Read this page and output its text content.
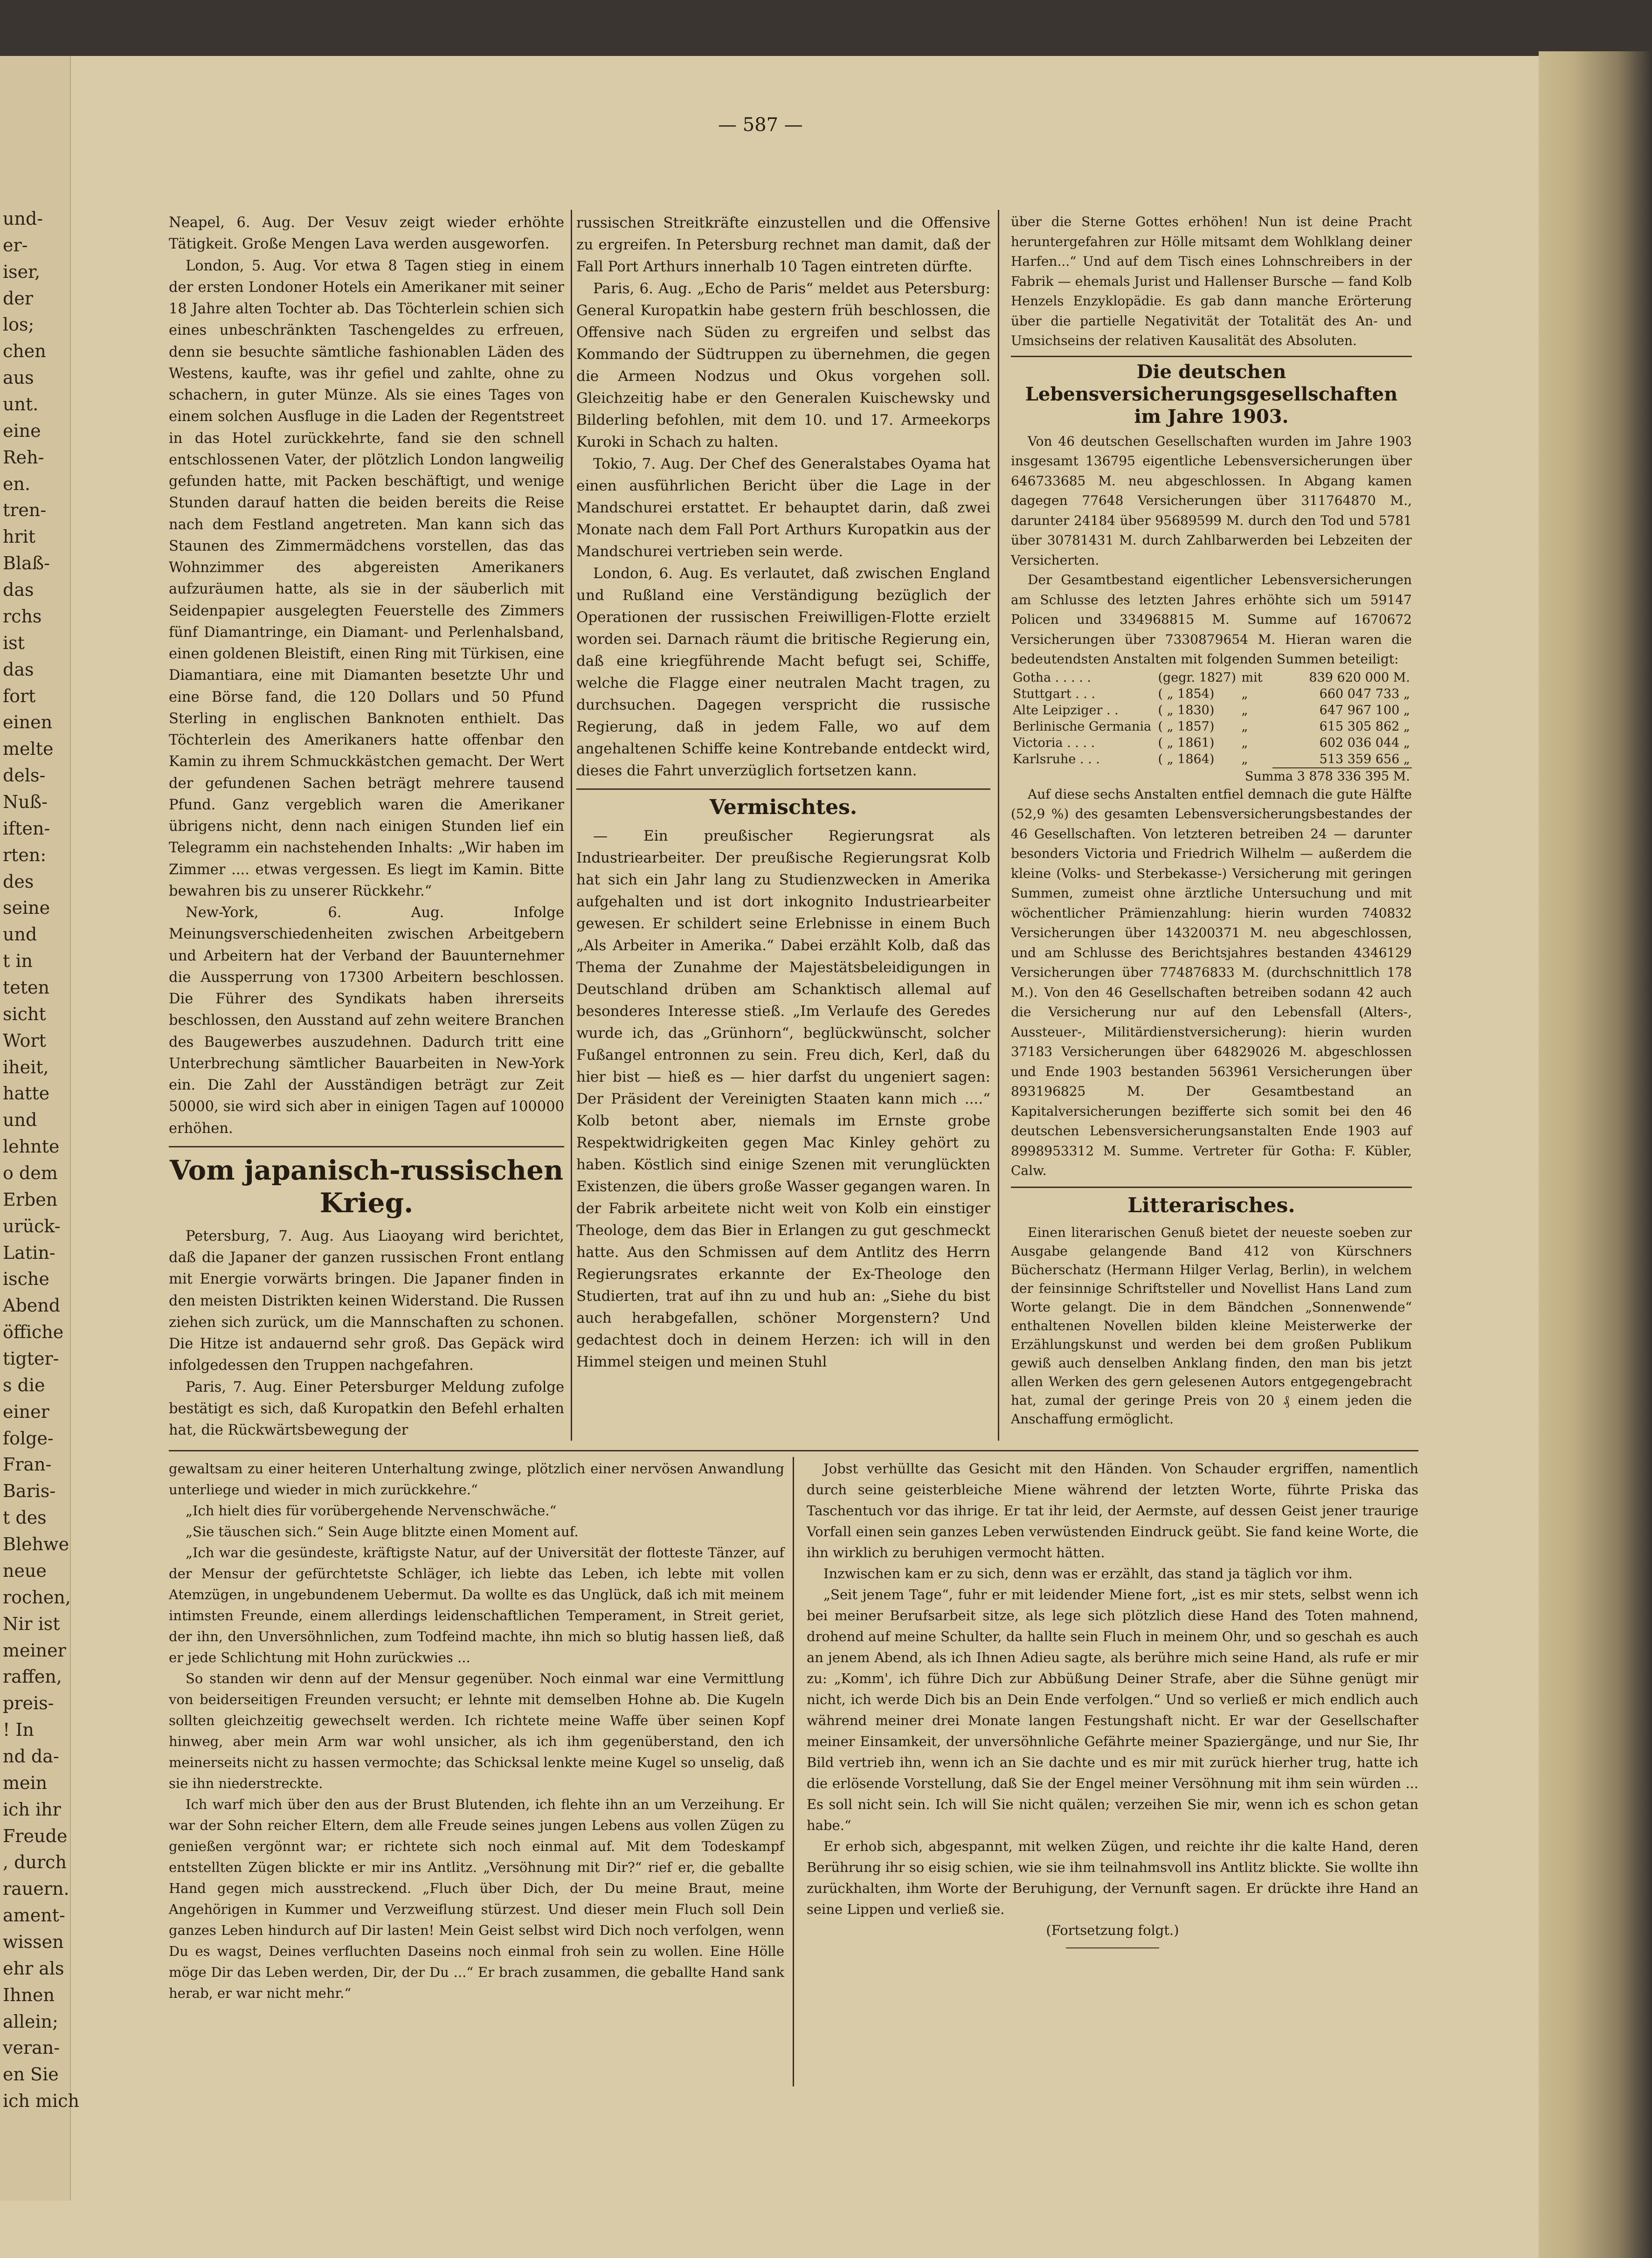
und-
er-
iser,
der
los;
chen
aus
unt.
eine
Reh-
en.
tren-
hrit
Blaß-
das
rchs
ist
das
fort
einen
melte
dels-
Nuß-
iften-
rten:
des
seine
und
t in
teten
sicht
Wort
iheit,
hatte
und
lehnte
o dem
Erben
urück-
Latin-
ische
Abend
öffiche
tigter-
s die
einer
folge-
Fran-
Baris-
t des
Blehwe
neue
rochen,
Nir ist
meiner
raffen,
preis-
! In
nd da-
mein
ich ihr
Freude
, durch
rauern.
ament-
wissen
ehr als
Ihnen
allein;
veran-
en Sie
ich mich
— 587 —

Neapel, 6. Aug. Der Vesuv zeigt wieder erhöhte Tätigkeit. Große Mengen Lava werden ausgeworfen.

London, 5. Aug. Vor etwa 8 Tagen stieg in einem der ersten Londoner Hotels ein Amerikaner mit seiner 18 Jahre alten Tochter ab. Das Töchterlein schien sich eines unbeschränkten Taschengeldes zu erfreuen, denn sie besuchte sämtliche fashionablen Läden des Westens, kaufte, was ihr gefiel und zahlte, ohne zu schachern, in guter Münze. Als sie eines Tages von einem solchen Ausfluge in die Laden der Regentstreet in das Hotel zurückkehrte, fand sie den schnell entschlossenen Vater, der plötzlich London langweilig gefunden hatte, mit Packen beschäftigt, und wenige Stunden darauf hatten die beiden bereits die Reise nach dem Festland angetreten. Man kann sich das Staunen des Zimmermädchens vorstellen, das das Wohnzimmer des abgereisten Amerikaners aufzuräumen hatte, als sie in der säuberlich mit Seidenpapier ausgelegten Feuerstelle des Zimmers fünf Diamantringe, ein Diamant- und Perlenhalsband, einen goldenen Bleistift, einen Ring mit Türkisen, eine Diamantiara, eine mit Diamanten besetzte Uhr und eine Börse fand, die 120 Dollars und 50 Pfund Sterling in englischen Banknoten enthielt. Das Töchterlein des Amerikaners hatte offenbar den Kamin zu ihrem Schmuckkästchen gemacht. Der Wert der gefundenen Sachen beträgt mehrere tausend Pfund. Ganz vergeblich waren die Amerikaner übrigens nicht, denn nach einigen Stunden lief ein Telegramm ein nachstehenden Inhalts: „Wir haben im Zimmer .... etwas vergessen. Es liegt im Kamin. Bitte bewahren bis zu unserer Rückkehr.“

New-York, 6. Aug. Infolge Meinungsverschiedenheiten zwischen Arbeitgebern und Arbeitern hat der Verband der Bauunternehmer die Aussperrung von 17300 Arbeitern beschlossen. Die Führer des Syndikats haben ihrerseits beschlossen, den Ausstand auf zehn weitere Branchen des Baugewerbes auszudehnen. Dadurch tritt eine Unterbrechung sämtlicher Bauarbeiten in New-York ein. Die Zahl der Ausständigen beträgt zur Zeit 50000, sie wird sich aber in einigen Tagen auf 100000 erhöhen.

Vom japanisch-russischen Krieg.

Petersburg, 7. Aug. Aus Liaoyang wird berichtet, daß die Japaner der ganzen russischen Front entlang mit Energie vorwärts bringen. Die Japaner finden in den meisten Distrikten keinen Widerstand. Die Russen ziehen sich zurück, um die Mannschaften zu schonen. Die Hitze ist andauernd sehr groß. Das Gepäck wird infolgedessen den Truppen nachgefahren.

Paris, 7. Aug. Einer Petersburger Meldung zufolge bestätigt es sich, daß Kuropatkin den Befehl erhalten hat, die Rückwärtsbewegung der

russischen Streitkräfte einzustellen und die Offensive zu ergreifen. In Petersburg rechnet man damit, daß der Fall Port Arthurs innerhalb 10 Tagen eintreten dürfte.

Paris, 6. Aug. „Echo de Paris“ meldet aus Petersburg: General Kuropatkin habe gestern früh beschlossen, die Offensive nach Süden zu ergreifen und selbst das Kommando der Südtruppen zu übernehmen, die gegen die Armeen Nodzus und Okus vorgehen soll. Gleichzeitig habe er den Generalen Kuischewsky und Bilderling befohlen, mit dem 10. und 17. Armeekorps Kuroki in Schach zu halten.

Tokio, 7. Aug. Der Chef des Generalstabes Oyama hat einen ausführlichen Bericht über die Lage in der Mandschurei erstattet. Er behauptet darin, daß zwei Monate nach dem Fall Port Arthurs Kuropatkin aus der Mandschurei vertrieben sein werde.

London, 6. Aug. Es verlautet, daß zwischen England und Rußland eine Verständigung bezüglich der Operationen der russischen Freiwilligen-Flotte erzielt worden sei. Darnach räumt die britische Regierung ein, daß eine kriegführende Macht befugt sei, Schiffe, welche die Flagge einer neutralen Macht tragen, zu durchsuchen. Dagegen verspricht die russische Regierung, daß in jedem Falle, wo auf dem angehaltenen Schiffe keine Kontrebande entdeckt wird, dieses die Fahrt unverzüglich fortsetzen kann.

Vermischtes.

— Ein preußischer Regierungsrat als Industriearbeiter. Der preußische Regierungsrat Kolb hat sich ein Jahr lang zu Studienzwecken in Amerika aufgehalten und ist dort inkognito Industriearbeiter gewesen. Er schildert seine Erlebnisse in einem Buch „Als Arbeiter in Amerika.“ Dabei erzählt Kolb, daß das Thema der Zunahme der Majestätsbeleidigungen in Deutschland drüben am Schanktisch allemal auf besonderes Interesse stieß. „Im Verlaufe des Geredes wurde ich, das „Grünhorn“, beglückwünscht, solcher Fußangel entronnen zu sein. Freu dich, Kerl, daß du hier bist — hieß es — hier darfst du ungeniert sagen: Der Präsident der Vereinigten Staaten kann mich ....“ Kolb betont aber, niemals im Ernste grobe Respektwidrigkeiten gegen Mac Kinley gehört zu haben. Köstlich sind einige Szenen mit verunglückten Existenzen, die übers große Wasser gegangen waren. In der Fabrik arbeitete nicht weit von Kolb ein einstiger Theologe, dem das Bier in Erlangen zu gut geschmeckt hatte. Aus den Schmissen auf dem Antlitz des Herrn Regierungsrates erkannte der Ex-Theologe den Studierten, trat auf ihn zu und hub an: „Siehe du bist auch herabgefallen, schöner Morgenstern? Und gedachtest doch in deinem Herzen: ich will in den Himmel steigen und meinen Stuhl

über die Sterne Gottes erhöhen! Nun ist deine Pracht heruntergefahren zur Hölle mitsamt dem Wohlklang deiner Harfen...“ Und auf dem Tisch eines Lohnschreibers in der Fabrik — ehemals Jurist und Hallenser Bursche — fand Kolb Henzels Enzyklopädie. Es gab dann manche Erörterung über die partielle Negativität der Totalität des An- und Umsichseins der relativen Kausalität des Absoluten.

Die deutschen Lebensversicherungsgesellschaften im Jahre 1903.

Von 46 deutschen Gesellschaften wurden im Jahre 1903 insgesamt 136795 eigentliche Lebensversicherungen über 646733685 M. neu abgeschlossen. In Abgang kamen dagegen 77648 Versicherungen über 311764870 M., darunter 24184 über 95689599 M. durch den Tod und 5781 über 30781431 M. durch Zahlbarwerden bei Lebzeiten der Versicherten.

Der Gesamtbestand eigentlicher Lebensversicherungen am Schlusse des letzten Jahres erhöhte sich um 59147 Policen und 334968815 M. Summe auf 1670672 Versicherungen über 7330879654 M. Hieran waren die bedeutendsten Anstalten mit folgenden Summen beteiligt:

Gotha . . . . .	(gegr. 1827)	mit	839 620 000 M.
Stuttgart . . .	( „ 1854)	„	660 047 733 „
Alte Leipziger . .	( „ 1830)	„	647 967 100 „
Berlinische Germania	( „ 1857)	„	615 305 862 „
Victoria . . . .	( „ 1861)	„	602 036 044 „
Karlsruhe . . .	( „ 1864)	„	513 359 656 „
		Summa 3 878 336 395 M.	

Auf diese sechs Anstalten entfiel demnach die gute Hälfte (52,9 %) des gesamten Lebensversicherungsbestandes der 46 Gesellschaften. Von letzteren betreiben 24 — darunter besonders Victoria und Friedrich Wilhelm — außerdem die kleine (Volks- und Sterbekasse-) Versicherung mit geringen Summen, zumeist ohne ärztliche Untersuchung und mit wöchentlicher Prämienzahlung: hierin wurden 740832 Versicherungen über 143200371 M. neu abgeschlossen, und am Schlusse des Berichtsjahres bestanden 4346129 Versicherungen über 774876833 M. (durchschnittlich 178 M.). Von den 46 Gesellschaften betreiben sodann 42 auch die Versicherung nur auf den Lebensfall (Alters-, Aussteuer-, Militärdienstversicherung): hierin wurden 37183 Versicherungen über 64829026 M. abgeschlossen und Ende 1903 bestanden 563961 Versicherungen über 893196825 M. Der Gesamtbestand an Kapitalversicherungen bezifferte sich somit bei den 46 deutschen Lebensversicherungsanstalten Ende 1903 auf 8998953312 M. Summe. Vertreter für Gotha: F. Kübler, Calw.

Litterarisches.

Einen literarischen Genuß bietet der neueste soeben zur Ausgabe gelangende Band 412 von Kürschners Bücherschatz (Hermann Hilger Verlag, Berlin), in welchem der feinsinnige Schriftsteller und Novellist Hans Land zum Worte gelangt. Die in dem Bändchen „Sonnenwende“ enthaltenen Novellen bilden kleine Meisterwerke der Erzählungskunst und werden bei dem großen Publikum gewiß auch denselben Anklang finden, den man bis jetzt allen Werken des gern gelesenen Autors entgegengebracht hat, zumal der geringe Preis von 20 ₰ einem jeden die Anschaffung ermöglicht.

gewaltsam zu einer heiteren Unterhaltung zwinge, plötzlich einer nervösen Anwandlung unterliege und wieder in mich zurückkehre.“

„Ich hielt dies für vorübergehende Nervenschwäche.“

„Sie täuschen sich.“ Sein Auge blitzte einen Moment auf.

„Ich war die gesündeste, kräftigste Natur, auf der Universität der flotteste Tänzer, auf der Mensur der gefürchtetste Schläger, ich liebte das Leben, ich lebte mit vollen Atemzügen, in ungebundenem Uebermut. Da wollte es das Unglück, daß ich mit meinem intimsten Freunde, einem allerdings leidenschaftlichen Temperament, in Streit geriet, der ihn, den Unversöhnlichen, zum Todfeind machte, ihn mich so blutig hassen ließ, daß er jede Schlichtung mit Hohn zurückwies ...

So standen wir denn auf der Mensur gegenüber. Noch einmal war eine Vermittlung von beiderseitigen Freunden versucht; er lehnte mit demselben Hohne ab. Die Kugeln sollten gleichzeitig gewechselt werden. Ich richtete meine Waffe über seinen Kopf hinweg, aber mein Arm war wohl unsicher, als ich ihm gegenüberstand, den ich meinerseits nicht zu hassen vermochte; das Schicksal lenkte meine Kugel so unselig, daß sie ihn niederstreckte.

Ich warf mich über den aus der Brust Blutenden, ich flehte ihn an um Verzeihung. Er war der Sohn reicher Eltern, dem alle Freude seines jungen Lebens aus vollen Zügen zu genießen vergönnt war; er richtete sich noch einmal auf. Mit dem Todeskampf entstellten Zügen blickte er mir ins Antlitz. „Versöhnung mit Dir?“ rief er, die geballte Hand gegen mich ausstreckend. „Fluch über Dich, der Du meine Braut, meine Angehörigen in Kummer und Verzweiflung stürzest. Und dieser mein Fluch soll Dein ganzes Leben hindurch auf Dir lasten! Mein Geist selbst wird Dich noch verfolgen, wenn Du es wagst, Deines verfluchten Daseins noch einmal froh sein zu wollen. Eine Hölle möge Dir das Leben werden, Dir, der Du ...“ Er brach zusammen, die geballte Hand sank herab, er war nicht mehr.“

Jobst verhüllte das Gesicht mit den Händen. Von Schauder ergriffen, namentlich durch seine geisterbleiche Miene während der letzten Worte, führte Priska das Taschentuch vor das ihrige. Er tat ihr leid, der Aermste, auf dessen Geist jener traurige Vorfall einen sein ganzes Leben verwüstenden Eindruck geübt. Sie fand keine Worte, die ihn wirklich zu beruhigen vermocht hätten.

Inzwischen kam er zu sich, denn was er erzählt, das stand ja täglich vor ihm.

„Seit jenem Tage“, fuhr er mit leidender Miene fort, „ist es mir stets, selbst wenn ich bei meiner Berufsarbeit sitze, als lege sich plötzlich diese Hand des Toten mahnend, drohend auf meine Schulter, da hallte sein Fluch in meinem Ohr, und so geschah es auch an jenem Abend, als ich Ihnen Adieu sagte, als berühre mich seine Hand, als rufe er mir zu: „Komm', ich führe Dich zur Abbüßung Deiner Strafe, aber die Sühne genügt mir nicht, ich werde Dich bis an Dein Ende verfolgen.“ Und so verließ er mich endlich auch während meiner drei Monate langen Festungshaft nicht. Er war der Gesellschafter meiner Einsamkeit, der unversöhnliche Gefährte meiner Spaziergänge, und nur Sie, Ihr Bild vertrieb ihn, wenn ich an Sie dachte und es mir mit zurück hierher trug, hatte ich die erlösende Vorstellung, daß Sie der Engel meiner Versöhnung mit ihm sein würden ... Es soll nicht sein. Ich will Sie nicht quälen; verzeihen Sie mir, wenn ich es schon getan habe.“

Er erhob sich, abgespannt, mit welken Zügen, und reichte ihr die kalte Hand, deren Berührung ihr so eisig schien, wie sie ihm teilnahmsvoll ins Antlitz blickte. Sie wollte ihn zurückhalten, ihm Worte der Beruhigung, der Vernunft sagen. Er drückte ihre Hand an seine Lippen und verließ sie.

(Fortsetzung folgt.)
